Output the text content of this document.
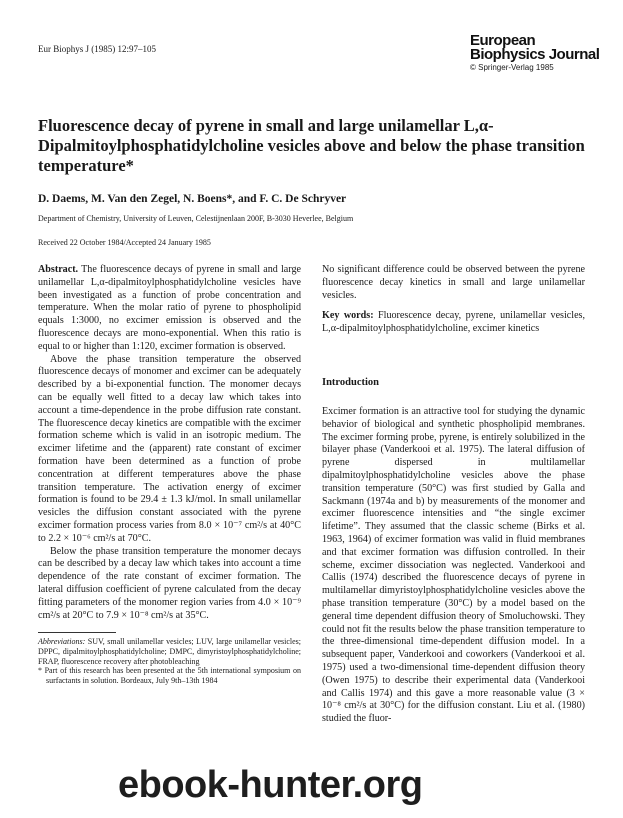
Eur Biophys J (1985) 12:97–105	European
Biophysics Journal
© Springer-Verlag 1985
Fluorescence decay of pyrene in small and large unilamellar L,α-Dipalmitoylphosphatidylcholine vesicles above and below the phase transition temperature*
D. Daems, M. Van den Zegel, N. Boens*, and F. C. De Schryver
Department of Chemistry, University of Leuven, Celestijnenlaan 200F, B-3030 Heverlee, Belgium
Received 22 October 1984/Accepted 24 January 1985

Abstract. The fluorescence decays of pyrene in small and large unilamellar L,α-dipalmitoylphosphatidylcholine vesicles have been investigated as a function of probe concentration and temperature. When the molar ratio of pyrene to phospholipid equals 1:3000, no excimer emission is observed and the fluorescence decays are mono-exponential. When this ratio is equal to or higher than 1:120, excimer formation is observed.

Above the phase transition temperature the observed fluorescence decays of monomer and excimer can be adequately described by a bi-exponential function. The monomer decays can be equally well fitted to a decay law which takes into account a time-dependence in the probe diffusion rate constant. The fluorescence decay kinetics are compatible with the excimer formation scheme which is valid in an isotropic medium. The excimer lifetime and the (apparent) rate constant of excimer formation have been determined as a function of probe concentration at different temperatures above the phase transition temperature. The activation energy of excimer formation is found to be 29.4 ± 1.3 kJ/mol. In small unilamellar vesicles the diffusion constant associated with the pyrene excimer formation process varies from 8.0 × 10⁻⁷ cm²/s at 40°C to 2.2 × 10⁻⁶ cm²/s at 70°C.

Below the phase transition temperature the monomer decays can be described by a decay law which takes into account a time dependence of the rate constant of excimer formation. The lateral diffusion coefficient of pyrene calculated from the decay fitting parameters of the monomer region varies from 4.0 × 10⁻⁹ cm²/s at 20°C to 7.9 × 10⁻⁸ cm²/s at 35°C.

No significant difference could be observed between the pyrene fluorescence decay kinetics in small and large unilamellar vesicles.

Key words: Fluorescence decay, pyrene, unilamellar vesicles, L,α-dipalmitoylphosphatidylcholine, excimer kinetics

Introduction
Excimer formation is an attractive tool for studying the dynamic behavior of biological and synthetic phospholipid membranes. The excimer forming probe, pyrene, is entirely solubilized in the bilayer phase (Vanderkooi et al. 1975). The lateral diffusion of pyrene dispersed in multilamellar dipalmitoylphosphatidylcholine vesicles above the phase transition temperature (50°C) was first studied by Galla and Sackmann (1974a and b) by measurements of the monomer and excimer fluorescence intensities and “the single excimer lifetime”. They assumed that the classic scheme (Birks et al. 1963, 1964) of excimer formation was valid in fluid membranes and that excimer formation was diffusion controlled. In their scheme, excimer dissociation was neglected. Vanderkooi and Callis (1974) described the fluorescence decays of pyrene in multilamellar dimyristoylphosphatidylcholine vesicles above the phase transition temperature (30°C) by a model based on the general time dependent diffusion theory of Smoluchowski. They could not fit the results below the phase transition temperature to the three-dimensional time-dependent diffusion model. In a subsequent paper, Vanderkooi and coworkers (Vanderkooi et al. 1975) used a two-dimensional time-dependent diffusion theory (Owen 1975) to describe their experimental data (Vanderkooi and Callis 1974) and this gave a more reasonable value (3 × 10⁻⁸ cm²/s at 30°C) for the diffusion constant. Liu et al. (1980) studied the fluor-

Abbreviations: SUV, small unilamellar vesicles; LUV, large unilamellar vesicles; DPPC, dipalmitoylphosphatidylcholine; DMPC, dimyristoylphosphatidylcholine; FRAP, fluorescence recovery after photobleaching

* Part of this research has been presented at the 5th international symposium on surfactants in solution. Bordeaux, July 9th–13th 1984

ebook-hunter.org
